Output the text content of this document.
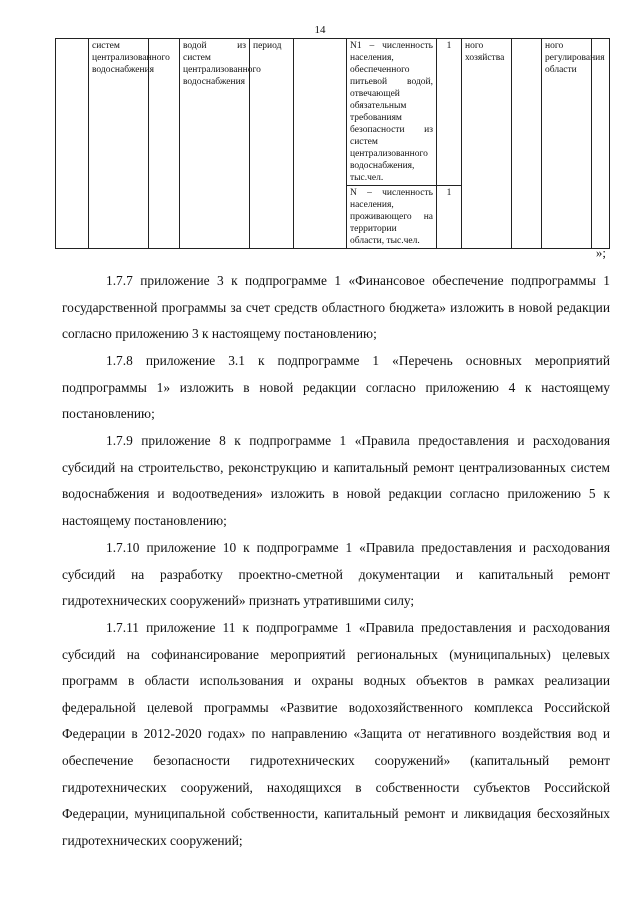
14
	систем централизованного водоснабжения		водой из систем централизованного водоснабжения	период		N1 – численность населения, обеспеченного питьевой водой, отвечающей обязательным требованиям безопасности из систем централизованного водоснабжения, тыс.чел.	1	ного хозяйства		ного регулирования области	
						N – численность населения, проживающего на территории области, тыс.чел.	1				
»;

1.7.7 приложение 3 к подпрограмме 1 «Финансовое обеспечение подпрограммы 1 государственной программы за счет средств областного бюджета» изложить в новой редакции согласно приложению 3 к настоящему постановлению;

1.7.8 приложение 3.1 к подпрограмме 1 «Перечень основных мероприятий подпрограммы 1» изложить в новой редакции согласно приложению 4 к настоящему постановлению;

1.7.9 приложение 8 к подпрограмме 1 «Правила предоставления и расходования субсидий на строительство, реконструкцию и капитальный ремонт централизованных систем водоснабжения и водоотведения» изложить в новой редакции согласно приложению 5 к настоящему постановлению;

1.7.10 приложение 10 к подпрограмме 1 «Правила предоставления и расходования субсидий на разработку проектно-сметной документации и капитальный ремонт гидротехнических сооружений» признать утратившими силу;

1.7.11 приложение 11 к подпрограмме 1 «Правила предоставления и расходования субсидий на софинансирование мероприятий региональных (муниципальных) целевых программ в области использования и охраны водных объектов в рамках реализации федеральной целевой программы «Развитие водохозяйственного комплекса Российской Федерации в 2012-2020 годах» по направлению «Защита от негативного воздействия вод и обеспечение безопасности гидротехнических сооружений» (капитальный ремонт гидротехнических сооружений, находящихся в собственности субъектов Российской Федерации, муниципальной собственности, капитальный ремонт и ликвидация бесхозяйных гидротехнических сооружений;
